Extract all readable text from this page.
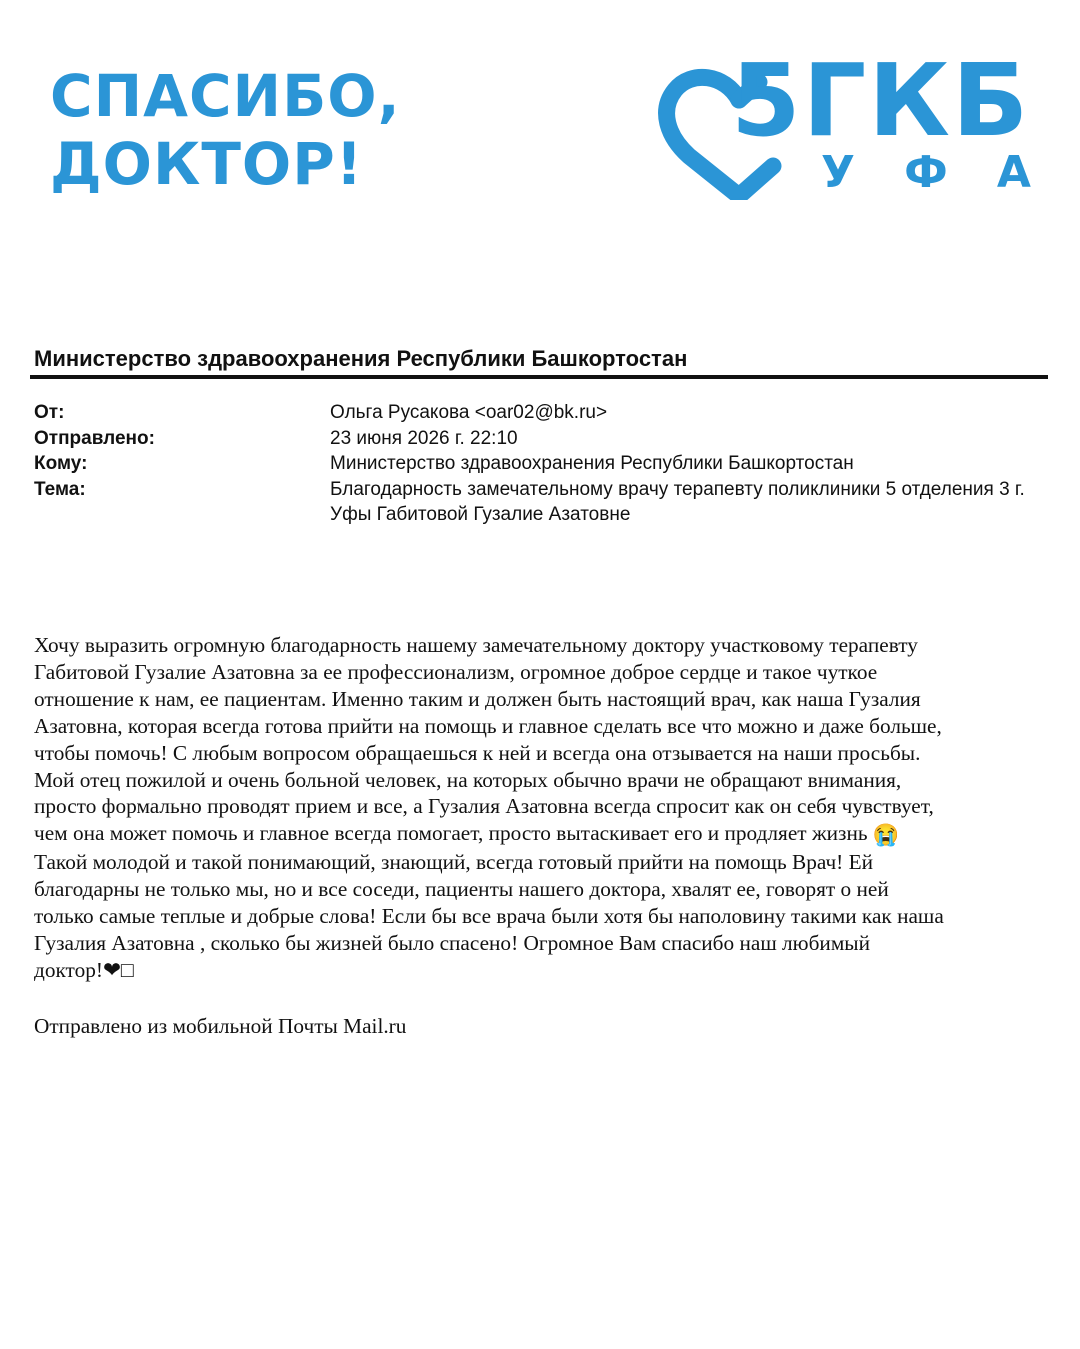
СПАСИБО,
ДОКТОР!
5ГКБ
У Ф А
Министерство здравоохранения Республики Башкортостан
От:	Ольга Русакова <oar02@bk.ru>
Отправлено:	23 июня 2026 г. 22:10
Кому:	Министерство здравоохранения Республики Башкортостан
Тема:	Благодарность замечательному врачу терапевту поликлиники 5 отделения 3 г.
Уфы Габитовой Гузалие Азатовне

Хочу выразить огромную благодарность нашему замечательному доктору участковому терапевту

Габитовой Гузалие Азатовна за ее профессионализм, огромное доброе сердце и такое чуткое

отношение к нам, ее пациентам. Именно таким и должен быть настоящий врач, как наша Гузалия

Азатовна, которая всегда готова прийти на помощь и главное сделать все что можно и даже больше,

чтобы помочь! С любым вопросом обращаешься к ней и всегда она отзывается на наши просьбы.

Мой отец пожилой и очень больной человек, на которых обычно врачи не обращают внимания,

просто формально проводят прием и все, а Гузалия Азатовна всегда спросит как он себя чувствует,

чем она может помочь и главное всегда помогает, просто вытаскивает его и продляет жизнь 😭

Такой молодой и такой понимающий, знающий, всегда готовый прийти на помощь Врач! Ей

благодарны не только мы, но и все соседи, пациенты нашего доктора, хвалят ее, говорят о ней

только самые теплые и добрые слова! Если бы все врача были хотя бы наполовину такими как наша

Гузалия Азатовна , сколько бы жизней было спасено! Огромное Вам спасибо наш любимый

доктор!❤□

Отправлено из мобильной Почты Mail.ru
